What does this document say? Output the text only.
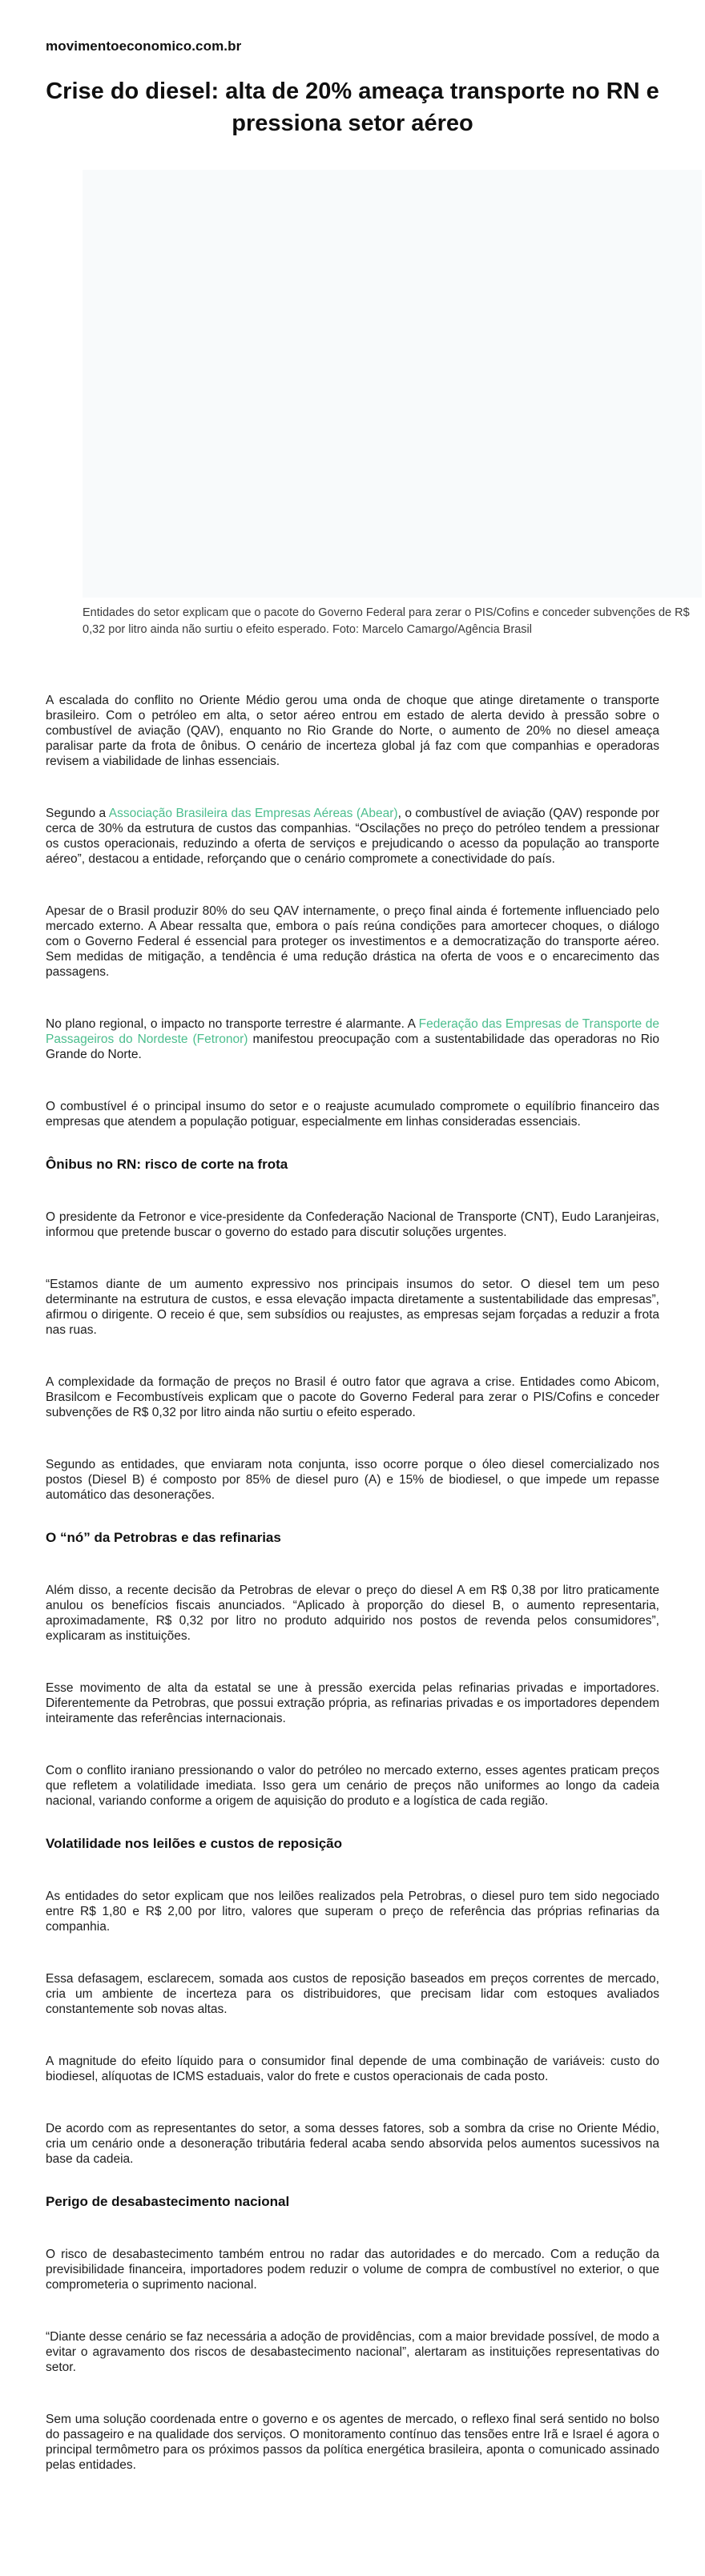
movimentoeconomico.com.br
Crise do diesel: alta de 20% ameaça transporte no RN e pressiona setor aéreo
Entidades do setor explicam que o pacote do Governo Federal para zerar o PIS/Cofins e conceder subvenções de R$ 0,32 por litro ainda não surtiu o efeito esperado. Foto: Marcelo Camargo/Agência Brasil

A escalada do conflito no Oriente Médio gerou uma onda de choque que atinge diretamente o transporte brasileiro. Com o petróleo em alta, o setor aéreo entrou em estado de alerta devido à pressão sobre o combustível de aviação (QAV), enquanto no Rio Grande do Norte, o aumento de 20% no diesel ameaça paralisar parte da frota de ônibus. O cenário de incerteza global já faz com que companhias e operadoras revisem a viabilidade de linhas essenciais.

Segundo a Associação Brasileira das Empresas Aéreas (Abear), o combustível de aviação (QAV) responde por cerca de 30% da estrutura de custos das companhias. “Oscilações no preço do petróleo tendem a pressionar os custos operacionais, reduzindo a oferta de serviços e prejudicando o acesso da população ao transporte aéreo”, destacou a entidade, reforçando que o cenário compromete a conectividade do país.

Apesar de o Brasil produzir 80% do seu QAV internamente, o preço final ainda é fortemente influenciado pelo mercado externo. A Abear ressalta que, embora o país reúna condições para amortecer choques, o diálogo com o Governo Federal é essencial para proteger os investimentos e a democratização do transporte aéreo. Sem medidas de mitigação, a tendência é uma redução drástica na oferta de voos e o encarecimento das passagens.

No plano regional, o impacto no transporte terrestre é alarmante. A Federação das Empresas de Transporte de Passageiros do Nordeste (Fetronor) manifestou preocupação com a sustentabilidade das operadoras no Rio Grande do Norte.

O combustível é o principal insumo do setor e o reajuste acumulado compromete o equilíbrio financeiro das empresas que atendem a população potiguar, especialmente em linhas consideradas essenciais.

Ônibus no RN: risco de corte na frota

O presidente da Fetronor e vice-presidente da Confederação Nacional de Transporte (CNT), Eudo Laranjeiras, informou que pretende buscar o governo do estado para discutir soluções urgentes.

“Estamos diante de um aumento expressivo nos principais insumos do setor. O diesel tem um peso determinante na estrutura de custos, e essa elevação impacta diretamente a sustentabilidade das empresas”, afirmou o dirigente. O receio é que, sem subsídios ou reajustes, as empresas sejam forçadas a reduzir a frota nas ruas.

A complexidade da formação de preços no Brasil é outro fator que agrava a crise. Entidades como Abicom, Brasilcom e Fecombustíveis explicam que o pacote do Governo Federal para zerar o PIS/Cofins e conceder subvenções de R$ 0,32 por litro ainda não surtiu o efeito esperado.

Segundo as entidades, que enviaram nota conjunta, isso ocorre porque o óleo diesel comercializado nos postos (Diesel B) é composto por 85% de diesel puro (A) e 15% de biodiesel, o que impede um repasse automático das desonerações.

O “nó” da Petrobras e das refinarias

Além disso, a recente decisão da Petrobras de elevar o preço do diesel A em R$ 0,38 por litro praticamente anulou os benefícios fiscais anunciados. “Aplicado à proporção do diesel B, o aumento representaria, aproximadamente, R$ 0,32 por litro no produto adquirido nos postos de revenda pelos consumidores”, explicaram as instituições.

Esse movimento de alta da estatal se une à pressão exercida pelas refinarias privadas e importadores. Diferentemente da Petrobras, que possui extração própria, as refinarias privadas e os importadores dependem inteiramente das referências internacionais.

Com o conflito iraniano pressionando o valor do petróleo no mercado externo, esses agentes praticam preços que refletem a volatilidade imediata. Isso gera um cenário de preços não uniformes ao longo da cadeia nacional, variando conforme a origem de aquisição do produto e a logística de cada região.

Volatilidade nos leilões e custos de reposição

As entidades do setor explicam que nos leilões realizados pela Petrobras, o diesel puro tem sido negociado entre R$ 1,80 e R$ 2,00 por litro, valores que superam o preço de referência das próprias refinarias da companhia.

Essa defasagem, esclarecem, somada aos custos de reposição baseados em preços correntes de mercado, cria um ambiente de incerteza para os distribuidores, que precisam lidar com estoques avaliados constantemente sob novas altas.

A magnitude do efeito líquido para o consumidor final depende de uma combinação de variáveis: custo do biodiesel, alíquotas de ICMS estaduais, valor do frete e custos operacionais de cada posto.

De acordo com as representantes do setor, a soma desses fatores, sob a sombra da crise no Oriente Médio, cria um cenário onde a desoneração tributária federal acaba sendo absorvida pelos aumentos sucessivos na base da cadeia.

Perigo de desabastecimento nacional

O risco de desabastecimento também entrou no radar das autoridades e do mercado. Com a redução da previsibilidade financeira, importadores podem reduzir o volume de compra de combustível no exterior, o que comprometeria o suprimento nacional.

“Diante desse cenário se faz necessária a adoção de providências, com a maior brevidade possível, de modo a evitar o agravamento dos riscos de desabastecimento nacional”, alertaram as instituições representativas do setor.

Sem uma solução coordenada entre o governo e os agentes de mercado, o reflexo final será sentido no bolso do passageiro e na qualidade dos serviços. O monitoramento contínuo das tensões entre Irã e Israel é agora o principal termômetro para os próximos passos da política energética brasileira, aponta o comunicado assinado pelas entidades.
